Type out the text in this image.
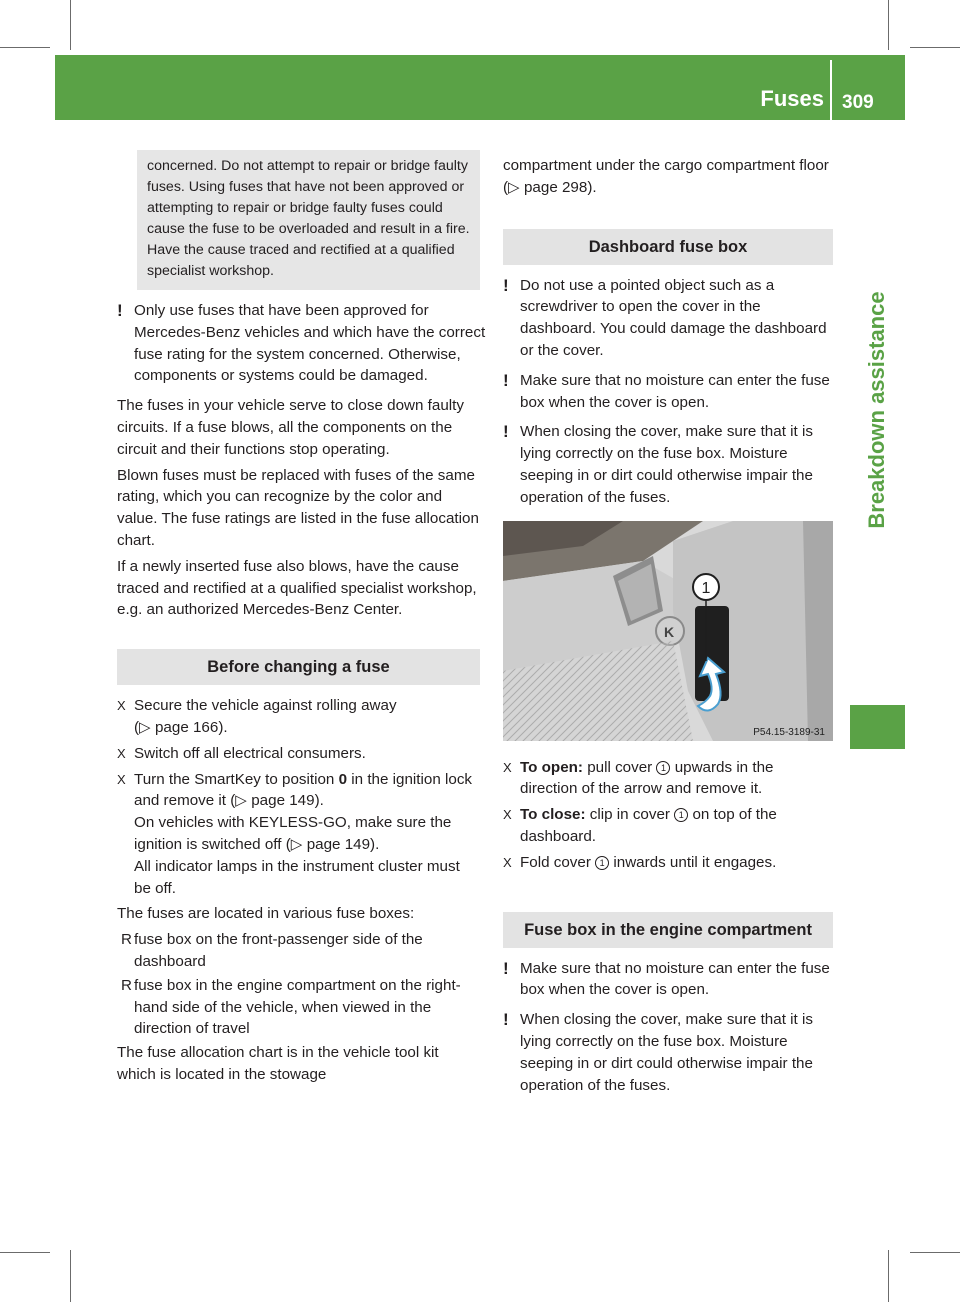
Fuses 309
Breakdown assistance
concerned. Do not attempt to repair or bridge faulty fuses. Using fuses that have not been approved or attempting to repair or bridge faulty fuses could cause the fuse to be overloaded and result in a fire. Have the cause traced and rectified at a qualified specialist workshop.
! Only use fuses that have been approved for Mercedes-Benz vehicles and which have the correct fuse rating for the system concerned. Otherwise, components or systems could be damaged.

The fuses in your vehicle serve to close down faulty circuits. If a fuse blows, all the components on the circuit and their functions stop operating.

Blown fuses must be replaced with fuses of the same rating, which you can recognize by the color and value. The fuse ratings are listed in the fuse allocation chart.

If a newly inserted fuse also blows, have the cause traced and rectified at a qualified specialist workshop, e.g. an authorized Mercedes-Benz Center.

Before changing a fuse
X Secure the vehicle against rolling away
(▷ page 166).
X Switch off all electrical consumers.
X Turn the SmartKey to position 0 in the ignition lock and remove it (▷ page 149).
On vehicles with KEYLESS-GO, make sure the ignition is switched off (▷ page 149).
All indicator lamps in the instrument cluster must be off.

The fuses are located in various fuse boxes:

R fuse box on the front-passenger side of the dashboard
R fuse box in the engine compartment on the right-hand side of the vehicle, when viewed in the direction of travel

The fuse allocation chart is in the vehicle tool kit which is located in the stowage

compartment under the cargo compartment floor (▷ page 298).

Dashboard fuse box
! Do not use a pointed object such as a screwdriver to open the cover in the dashboard. You could damage the dashboard or the cover.
! Make sure that no moisture can enter the fuse box when the cover is open.
! When closing the cover, make sure that it is lying correctly on the fuse box. Moisture seeping in or dirt could otherwise impair the operation of the fuses.
K
1
P54.15-3189-31
X To open: pull cover 1 upwards in the direction of the arrow and remove it.
X To close: clip in cover 1 on top of the dashboard.
X Fold cover 1 inwards until it engages.
Fuse box in the engine compartment
! Make sure that no moisture can enter the fuse box when the cover is open.
! When closing the cover, make sure that it is lying correctly on the fuse box. Moisture seeping in or dirt could otherwise impair the operation of the fuses.
